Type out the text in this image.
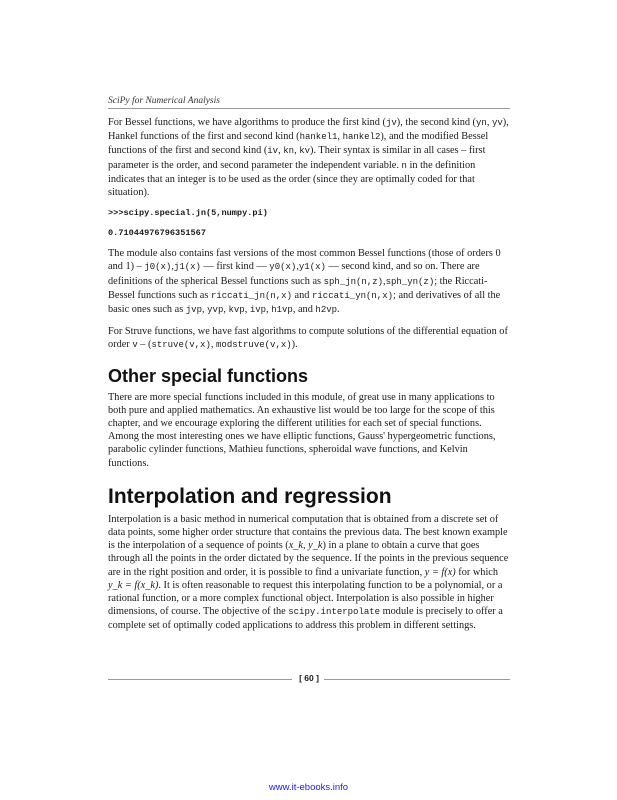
SciPy for Numerical Analysis

For Bessel functions, we have algorithms to produce the first kind (jv), the second kind (yn, yv), Hankel functions of the first and second kind (hankel1, hankel2), and the modified Bessel functions of the first and second kind (iv, kn, kv). Their syntax is similar in all cases – first parameter is the order, and second parameter the independent variable. n in the definition indicates that an integer is to be used as the order (since they are optimally coded for that situation).

>>>scipy.special.jn(5,numpy.pi)
0.710449767963515​67

The module also contains fast versions of the most common Bessel functions (those of orders 0 and 1) – j0(x),j1(x) — first kind — y0(x),y1(x) — second kind, and so on. There are definitions of the spherical Bessel functions such as sph_jn(n,z),sph_yn(z); the Riccati-Bessel functions such as riccati_jn(n,x) and riccati_yn(n,x); and derivatives of all the basic ones such as jvp, yvp, kvp, ivp, h1vp, and h2vp.

For Struve functions, we have fast algorithms to compute solutions of the differential equation of order v – (struve(v,x), modstruve(v,x)).

Other special functions

There are more special functions included in this module, of great use in many applications to both pure and applied mathematics. An exhaustive list would be too large for the scope of this chapter, and we encourage exploring the different utilities for each set of special functions. Among the most interesting ones we have elliptic functions, Gauss' hypergeometric functions, parabolic cylinder functions, Mathieu functions, spheroidal wave functions, and Kelvin functions.

Interpolation and regression

Interpolation is a basic method in numerical computation that is obtained from a discrete set of data points, some higher order structure that contains the previous data. The best known example is the interpolation of a sequence of points (x_k, y_k) in a plane to obtain a curve that goes through all the points in the order dictated by the sequence. If the points in the previous sequence are in the right position and order, it is possible to find a univariate function, y = f(x) for which y_k = f(x_k). It is often reasonable to request this interpolating function to be a polynomial, or a rational function, or a more complex functional object. Interpolation is also possible in higher dimensions, of course. The objective of the scipy.interpolate module is precisely to offer a complete set of optimally coded applications to address this problem in different settings.

[ 60 ]
www.it-ebooks.info
